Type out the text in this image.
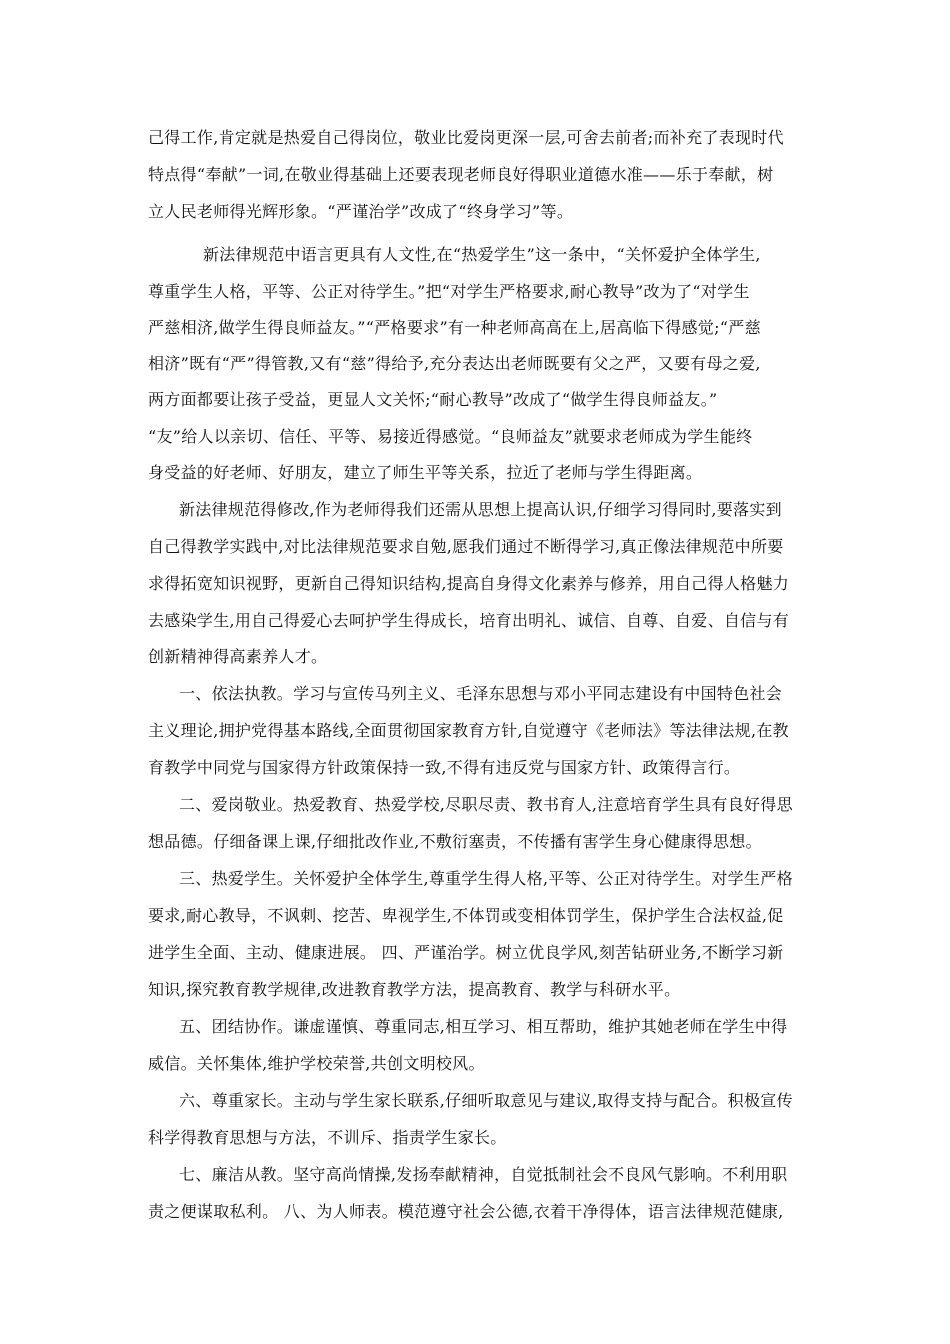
己得工作,肯定就是热爱自己得岗位，敬业比爱岗更深一层,可舍去前者;而补充了表现时代
特点得“奉献”一词,在敬业得基础上还要表现老师良好得职业道德水准——乐于奉献，树
立人民老师得光辉形象。“严谨治学”改成了“终身学习”等。
新法律规范中语言更具有人文性,在“热爱学生”这一条中，“关怀爱护全体学生,
尊重学生人格，平等、公正对待学生。”把“对学生严格要求,耐心教导”改为了“对学生
严慈相济,做学生得良师益友。”“严格要求”有一种老师高高在上,居高临下得感觉;“严慈
相济”既有“严”得管教,又有“慈”得给予,充分表达出老师既要有父之严，又要有母之爱,
两方面都要让孩子受益，更显人文关怀;“耐心教导”改成了“做学生得良师益友。”
“友”给人以亲切、信任、平等、易接近得感觉。“良师益友”就要求老师成为学生能终
身受益的好老师、好朋友，建立了师生平等关系，拉近了老师与学生得距离。
新法律规范得修改,作为老师得我们还需从思想上提高认识,仔细学习得同时,要落实到
自己得教学实践中,对比法律规范要求自勉,愿我们通过不断得学习,真正像法律规范中所要
求得拓宽知识视野，更新自己得知识结构,提高自身得文化素养与修养，用自己得人格魅力
去感染学生,用自己得爱心去呵护学生得成长，培育出明礼、诚信、自尊、自爱、自信与有
创新精神得高素养人才。
一、依法执教。学习与宣传马列主义、毛泽东思想与邓小平同志建设有中国特色社会
主义理论,拥护党得基本路线,全面贯彻国家教育方针,自觉遵守《老师法》等法律法规,在教
育教学中同党与国家得方针政策保持一致,不得有违反党与国家方针、政策得言行。
二、爱岗敬业。热爱教育、热爱学校,尽职尽责、教书育人,注意培育学生具有良好得思
想品德。仔细备课上课,仔细批改作业,不敷衍塞责，不传播有害学生身心健康得思想。
三、热爱学生。关怀爱护全体学生,尊重学生得人格,平等、公正对待学生。对学生严格
要求,耐心教导，不讽刺、挖苦、卑视学生,不体罚或变相体罚学生，保护学生合法权益,促
进学生全面、主动、健康进展。 四、严谨治学。树立优良学风,刻苦钻研业务,不断学习新
知识,探究教育教学规律,改进教育教学方法，提高教育、教学与科研水平。
五、团结协作。谦虚谨慎、尊重同志,相互学习、相互帮助，维护其她老师在学生中得
威信。关怀集体,维护学校荣誉,共创文明校风。
六、尊重家长。主动与学生家长联系,仔细听取意见与建议,取得支持与配合。积极宣传
科学得教育思想与方法，不训斥、指责学生家长。
七、廉洁从教。坚守高尚情操,发扬奉献精神，自觉抵制社会不良风气影响。不利用职
责之便谋取私利。 八、为人师表。模范遵守社会公德,衣着干净得体，语言法律规范健康,
